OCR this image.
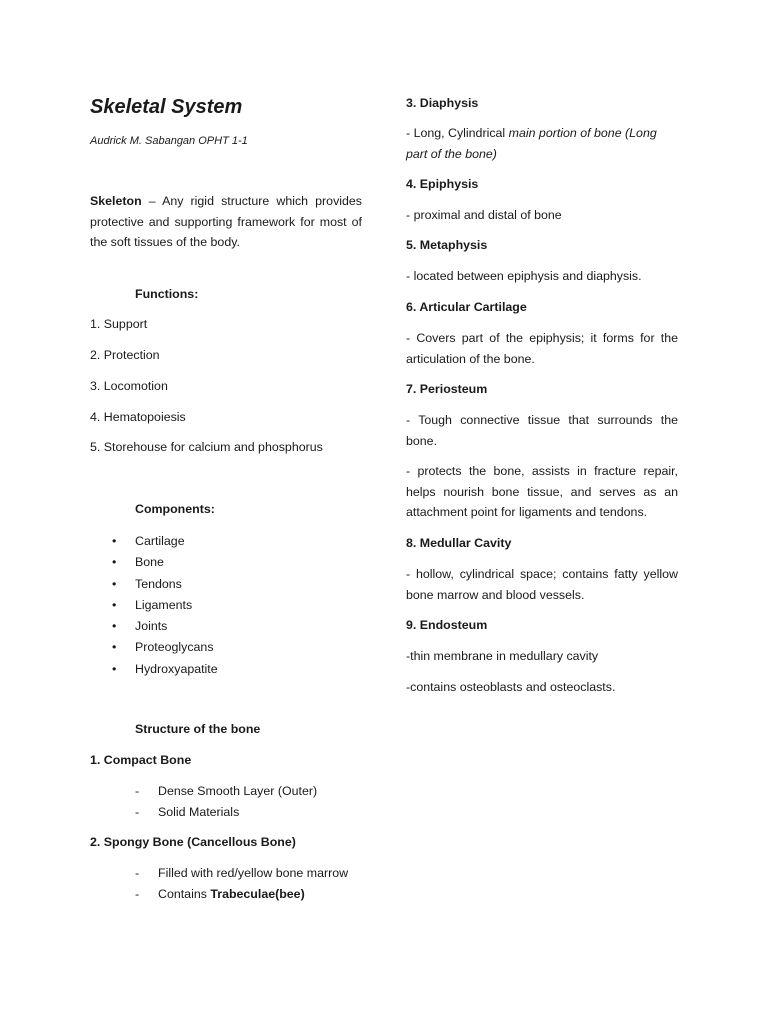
Skeletal System
Audrick M. Sabangan OPHT 1-1

Skeleton – Any rigid structure which provides protective and supporting framework for most of the soft tissues of the body.

Functions:
1. Support
2. Protection
3. Locomotion
4. Hematopoiesis
5. Storehouse for calcium and phosphorus
Components:
• Cartilage
• Bone
• Tendons
• Ligaments
• Joints
• Proteoglycans
• Hydroxyapatite
Structure of the bone
1. Compact Bone
- Dense Smooth Layer (Outer)
- Solid Materials
2. Spongy Bone (Cancellous Bone)
- Filled with red/yellow bone marrow
- Contains Trabeculae(bee)
3. Diaphysis

- Long, Cylindrical main portion of bone (Long part of the bone)

4. Epiphysis
- proximal and distal of bone
5. Metaphysis
- located between epiphysis and diaphysis.
6. Articular Cartilage

- Covers part of the epiphysis; it forms for the articulation of the bone.

7. Periosteum

- Tough connective tissue that surrounds the bone.

- protects the bone, assists in fracture repair, helps nourish bone tissue, and serves as an attachment point for ligaments and tendons.

8. Medullar Cavity

- hollow, cylindrical space; contains fatty yellow bone marrow and blood vessels.

9. Endosteum
-thin membrane in medullary cavity
-contains osteoblasts and osteoclasts.
